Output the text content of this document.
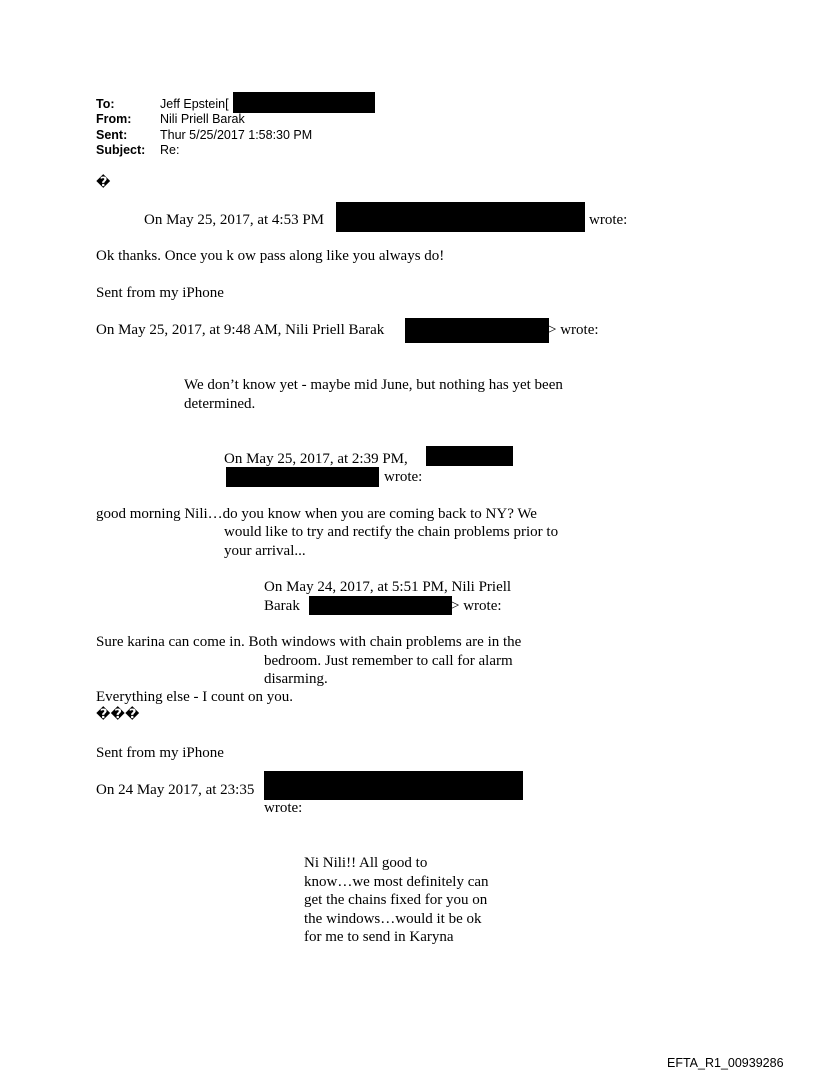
To:	Jeff Epstein[
From: Nili Priell Barak
Sent:	Thur 5/25/2017 1:58:30 PM
Subject: Re:
�
On May 25, 2017, at 4:53 PM	wrote:
Ok thanks. Once you k ow pass along like you always do!
Sent from my iPhone
On May 25, 2017, at 9:48 AM, Nili Priell Barak	> wrote:
We don’t know yet - maybe mid June, but nothing has yet been
determined.
On May 25, 2017, at 2:39 PM,
wrote:
good morning Nili…do you know when you are coming back to NY? We
would like to try and rectify the chain problems prior to
your arrival...
On May 24, 2017, at 5:51 PM, Nili Priell
Barak	> wrote:
Sure karina can come in. Both windows with chain problems are in the
bedroom. Just remember to call for alarm
disarming.
Everything else - I count on you.
���
Sent from my iPhone
On 24 May 2017, at 23:35
wrote:
Ni Nili!! All good to
know…we most definitely can
get the chains fixed for you on
the windows…would it be ok
for me to send in Karyna
EFTA_R1_00939286
